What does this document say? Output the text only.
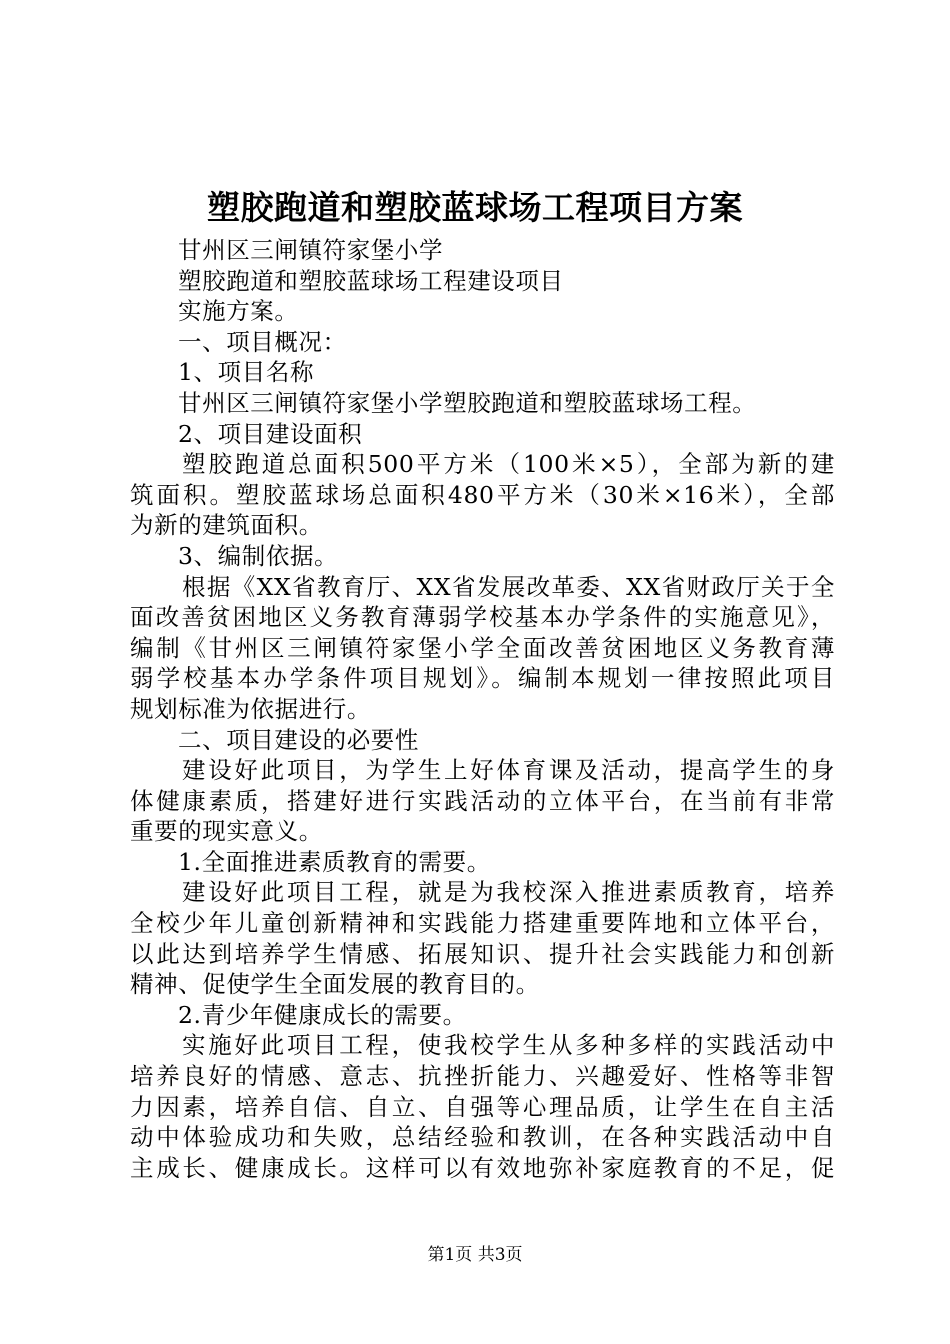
塑胶跑道和塑胶蓝球场工程项目方案
甘州区三闸镇符家堡小学
塑胶跑道和塑胶蓝球场工程建设项目
实施方案。
一、项目概况：
1、项目名称
甘州区三闸镇符家堡小学塑胶跑道和塑胶蓝球场工程。
2、项目建设面积
塑胶跑道总面积500平方米（100米×5），全部为新的建
筑面积。塑胶蓝球场总面积480平方米（30米×16米），全部
为新的建筑面积。
3、编制依据。
根据《XX省教育厅、XX省发展改革委、XX省财政厅关于全
面改善贫困地区义务教育薄弱学校基本办学条件的实施意见》，
编制《甘州区三闸镇符家堡小学全面改善贫困地区义务教育薄
弱学校基本办学条件项目规划》。编制本规划一律按照此项目
规划标准为依据进行。
二、项目建设的必要性
建设好此项目，为学生上好体育课及活动，提高学生的身
体健康素质，搭建好进行实践活动的立体平台，在当前有非常
重要的现实意义。
1.全面推进素质教育的需要。
建设好此项目工程，就是为我校深入推进素质教育，培养
全校少年儿童创新精神和实践能力搭建重要阵地和立体平台，
以此达到培养学生情感、拓展知识、提升社会实践能力和创新
精神、促使学生全面发展的教育目的。
2.青少年健康成长的需要。
实施好此项目工程，使我校学生从多种多样的实践活动中
培养良好的情感、意志、抗挫折能力、兴趣爱好、性格等非智
力因素，培养自信、自立、自强等心理品质，让学生在自主活
动中体验成功和失败，总结经验和教训，在各种实践活动中自
主成长、健康成长。这样可以有效地弥补家庭教育的不足，促
第1页 共3页
